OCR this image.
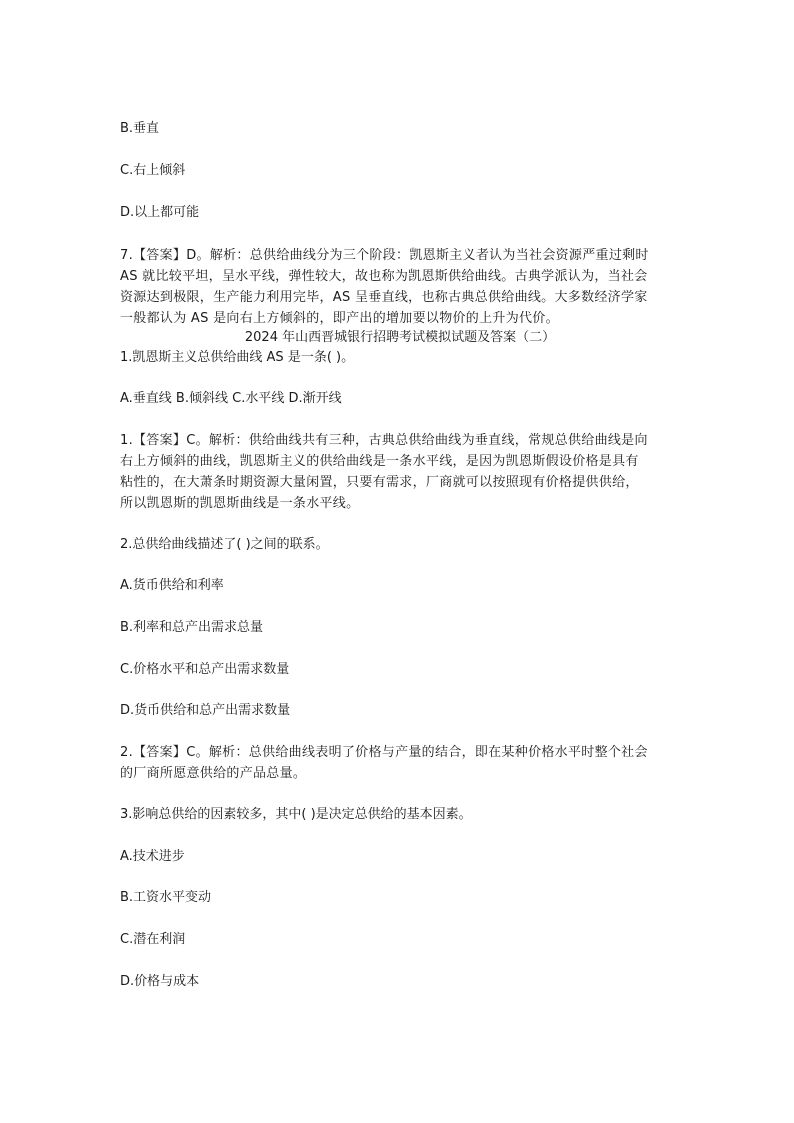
B.垂直
C.右上倾斜
D.以上都可能

7.【答案】D。解析：总供给曲线分为三个阶段：凯恩斯主义者认为当社会资源严重过剩时

AS 就比较平坦，呈水平线，弹性较大，故也称为凯恩斯供给曲线。古典学派认为，当社会

资源达到极限，生产能力利用完毕，AS 呈垂直线，也称古典总供给曲线。大多数经济学家

一般都认为 AS 是向右上方倾斜的，即产出的增加要以物价的上升为代价。

2024 年山西晋城银行招聘考试模拟试题及答案（二）
1.凯恩斯主义总供给曲线 AS 是一条( )。
A.垂直线 B.倾斜线 C.水平线 D.渐开线

1.【答案】C。解析：供给曲线共有三种，古典总供给曲线为垂直线，常规总供给曲线是向

右上方倾斜的曲线，凯恩斯主义的供给曲线是一条水平线，是因为凯恩斯假设价格是具有

粘性的，在大萧条时期资源大量闲置，只要有需求，厂商就可以按照现有价格提供供给，

所以凯恩斯的凯恩斯曲线是一条水平线。

2.总供给曲线描述了( )之间的联系。
A.货币供给和利率
B.利率和总产出需求总量
C.价格水平和总产出需求数量
D.货币供给和总产出需求数量

2.【答案】C。解析：总供给曲线表明了价格与产量的结合，即在某种价格水平时整个社会

的厂商所愿意供给的产品总量。

3.影响总供给的因素较多，其中( )是决定总供给的基本因素。
A.技术进步
B.工资水平变动
C.潜在利润
D.价格与成本
